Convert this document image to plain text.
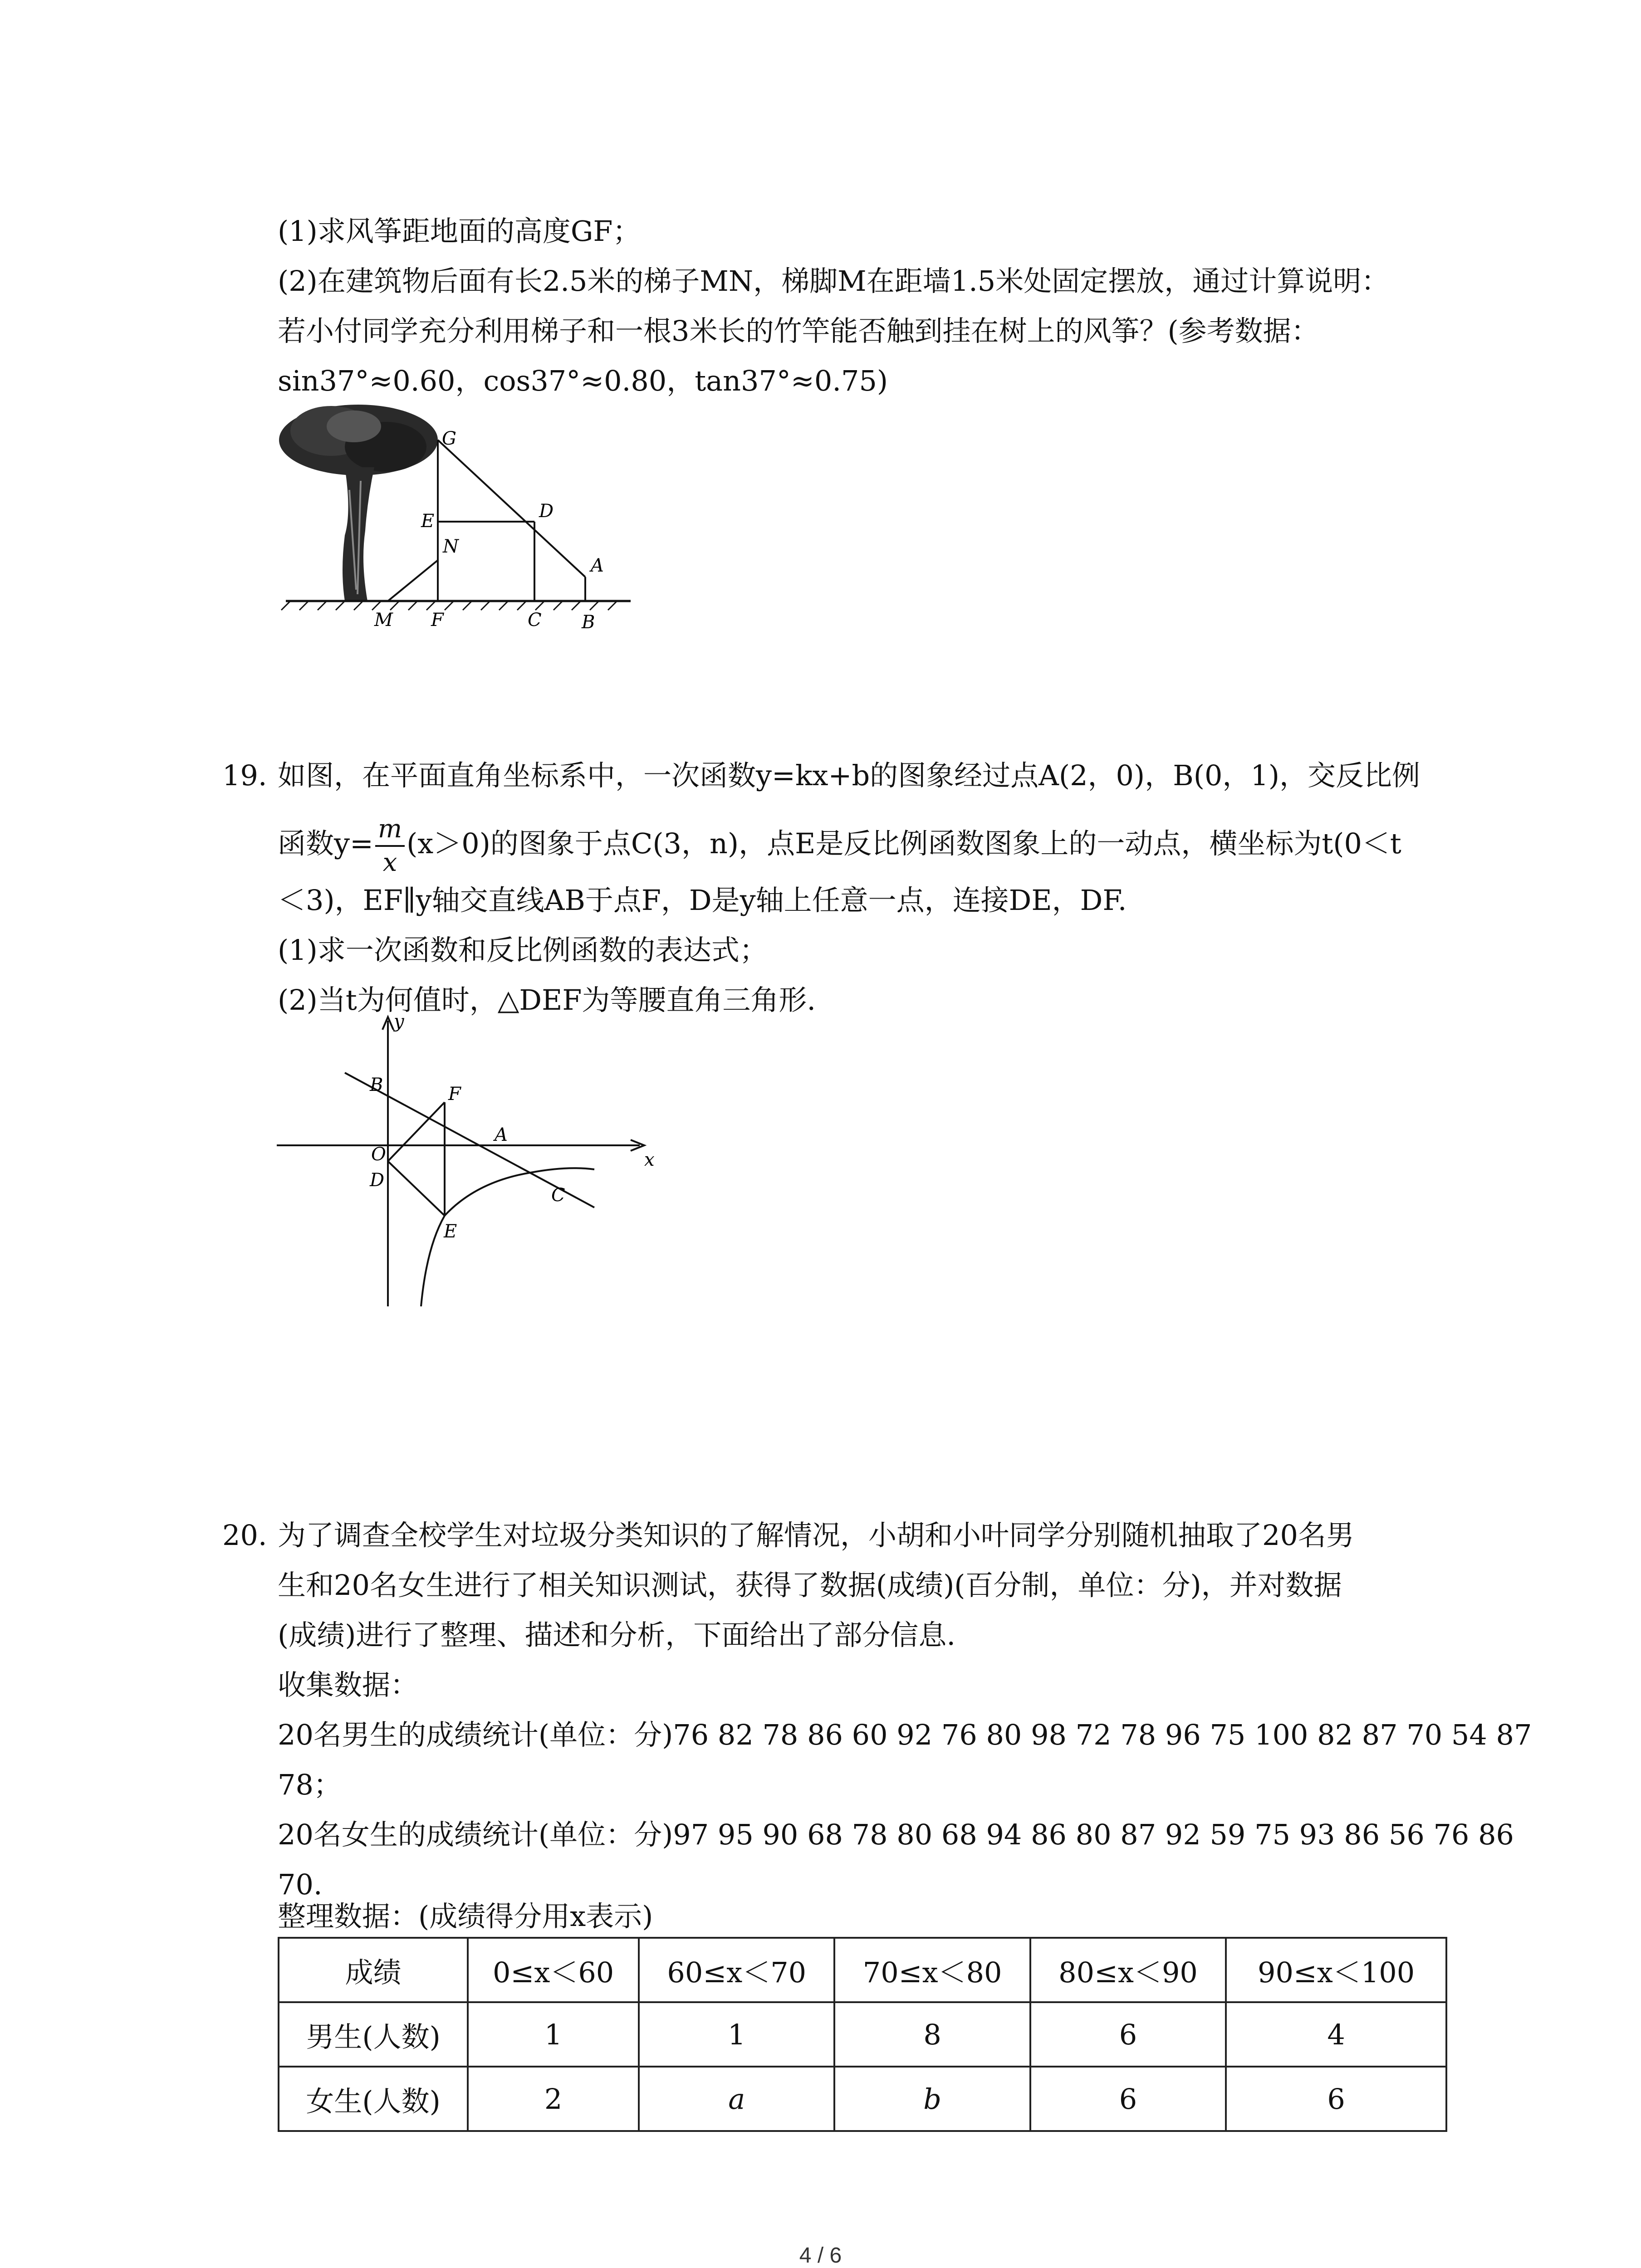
(1)求风筝距地面的高度GF；
(2)在建筑物后面有长2.5米的梯子MN，梯脚M在距墙1.5米处固定摆放，通过计算说明：
若小付同学充分利用梯子和一根3米长的竹竿能否触到挂在树上的风筝？(参考数据：
sin37°≈0.60，cos37°≈0.80，tan37°≈0.75)
G
E
N
D
A
M F	C B
19. 如图，在平面直角坐标系中，一次函数y=kx+b的图象经过点A(2，0)，B(0，1)，交反比例
函数$y= \frac{m}{x} (x>0)$的图象于点C(3，n)，点E是反比例函数图象上的一动点，横坐标为t(0＜t
＜3)，EF∥y轴交直线AB于点F，D是y轴上任意一点，连接DE，DF.
(1)求一次函数和反比例函数的表达式；
(2)当t为何值时，△DEF为等腰直角三角形.
y
x
B	F
A
O
D
C
E
20. 为了调查全校学生对垃圾分类知识的了解情况，小胡和小叶同学分别随机抽取了20名男
生和20名女生进行了相关知识测试，获得了数据(成绩)(百分制，单位：分)，并对数据
(成绩)进行了整理、描述和分析，下面给出了部分信息.
收集数据：
20名男生的成绩统计(单位：分)76 82 78 86 60 92 76 80 98 72 78 96 75 100 82 87 70 54 87
78；
20名女生的成绩统计(单位：分)97 95 90 68 78 80 68 94 86 80 87 92 59 75 93 86 56 76 86
70.
整理数据：(成绩得分用x表示)
成绩	0≤x＜60	60≤x＜70	70≤x＜80	80≤x＜90	90≤x＜100
男生(人数)	1	1	8	6	4
女生(人数)	2	a	b	6	6
4 / 6
